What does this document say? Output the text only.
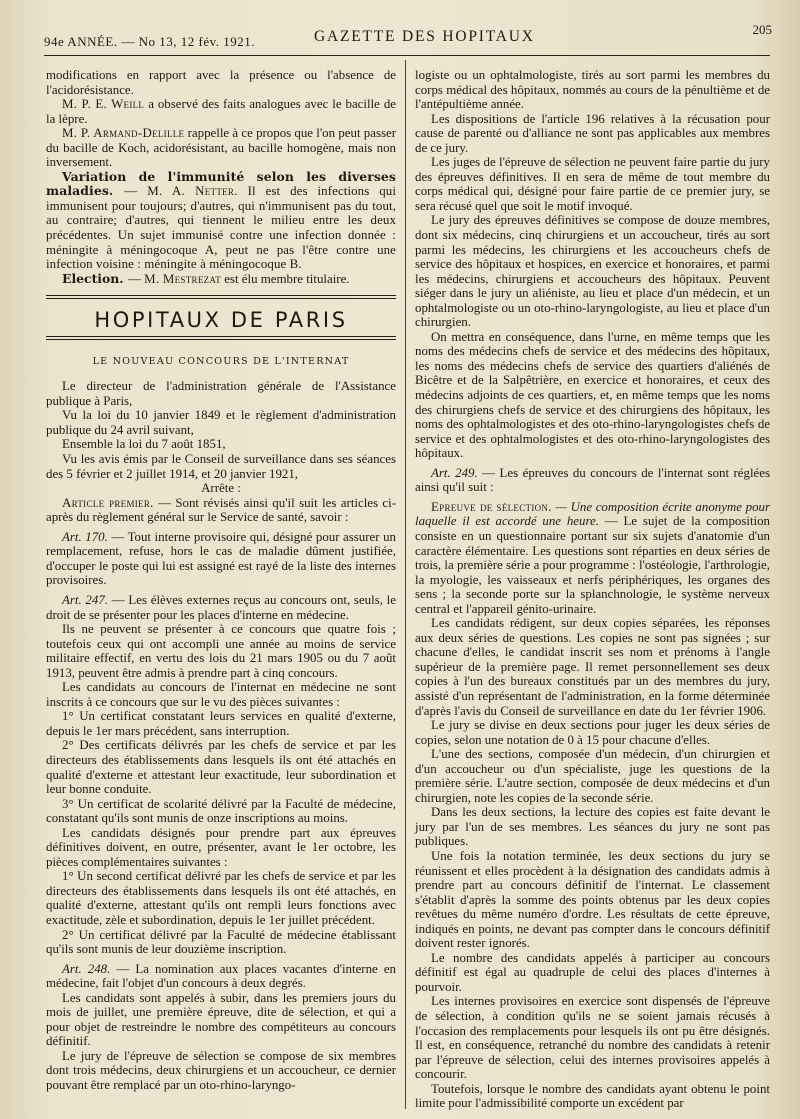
94e ANNÉE. — No 13, 12 fév. 1921.	GAZETTE DES HOPITAUX	205

modifications en rapport avec la présence ou l'absence de l'acidorésistance.

M. P. E. Weill a observé des faits analogues avec le bacille de la lèpre.

M. P. Armand-Delille rappelle à ce propos que l'on peut passer du bacille de Koch, acidorésistant, au bacille homogène, mais non inversement.

Variation de l'immunité selon les diverses maladies. — M. A. Netter. Il est des infections qui immunisent pour toujours; d'autres, qui n'immunisent pas du tout, au contraire; d'autres, qui tiennent le milieu entre les deux précédentes. Un sujet immunisé contre une infection donnée : méningite à méningocoque A, peut ne pas l'être contre une infection voisine : méningite à méningocoque B.

Election. — M. Mestrezat est élu membre titulaire.

HOPITAUX DE PARIS
LE NOUVEAU CONCOURS DE L'INTERNAT

Le directeur de l'administration générale de l'Assistance publique à Paris,

Vu la loi du 10 janvier 1849 et le règlement d'administration publique du 24 avril suivant,

Ensemble la loi du 7 août 1851,

Vu les avis émis par le Conseil de surveillance dans ses séances des 5 février et 2 juillet 1914, et 20 janvier 1921,

Arrête :

Article premier. — Sont révisés ainsi qu'il suit les articles ci-après du règlement général sur le Service de santé, savoir :

Art. 170. — Tout interne provisoire qui, désigné pour assurer un remplacement, refuse, hors le cas de maladie dûment justifiée, d'occuper le poste qui lui est assigné est rayé de la liste des internes provisoires.

Art. 247. — Les élèves externes reçus au concours ont, seuls, le droit de se présenter pour les places d'interne en médecine.

Ils ne peuvent se présenter à ce concours que quatre fois ; toutefois ceux qui ont accompli une année au moins de service militaire effectif, en vertu des lois du 21 mars 1905 ou du 7 août 1913, peuvent être admis à prendre part à cinq concours.

Les candidats au concours de l'internat en médecine ne sont inscrits à ce concours que sur le vu des pièces suivantes :

1° Un certificat constatant leurs services en qualité d'externe, depuis le 1er mars précédent, sans interruption.

2° Des certificats délivrés par les chefs de service et par les directeurs des établissements dans lesquels ils ont été attachés en qualité d'externe et attestant leur exactitude, leur subordination et leur bonne conduite.

3° Un certificat de scolarité délivré par la Faculté de médecine, constatant qu'ils sont munis de onze inscriptions au moins.

Les candidats désignés pour prendre part aux épreuves définitives doivent, en outre, présenter, avant le 1er octobre, les pièces complémentaires suivantes :

1° Un second certificat délivré par les chefs de service et par les directeurs des établissements dans lesquels ils ont été attachés, en qualité d'externe, attestant qu'ils ont rempli leurs fonctions avec exactitude, zèle et subordination, depuis le 1er juillet précédent.

2° Un certificat délivré par la Faculté de médecine établissant qu'ils sont munis de leur douzième inscription.

Art. 248. — La nomination aux places vacantes d'interne en médecine, fait l'objet d'un concours à deux degrés.

Les candidats sont appelés à subir, dans les premiers jours du mois de juillet, une première épreuve, dite de sélection, et qui a pour objet de restreindre le nombre des compétiteurs au concours définitif.

Le jury de l'épreuve de sélection se compose de six membres dont trois médecins, deux chirurgiens et un accoucheur, ce dernier pouvant être remplacé par un oto-rhino-laryngo-

logiste ou un ophtalmologiste, tirés au sort parmi les membres du corps médical des hôpitaux, nommés au cours de la pénultième et de l'antépultième année.

Les dispositions de l'article 196 relatives à la récusation pour cause de parenté ou d'alliance ne sont pas applicables aux membres de ce jury.

Les juges de l'épreuve de sélection ne peuvent faire partie du jury des épreuves définitives. Il en sera de même de tout membre du corps médical qui, désigné pour faire partie de ce premier jury, se sera récusé quel que soit le motif invoqué.

Le jury des épreuves définitives se compose de douze membres, dont six médecins, cinq chirurgiens et un accoucheur, tirés au sort parmi les médecins, les chirurgiens et les accoucheurs chefs de service des hôpitaux et hospices, en exercice et honoraires, et parmi les médecins, chirurgiens et accoucheurs des hôpitaux. Peuvent siéger dans le jury un aliéniste, au lieu et place d'un médecin, et un ophtalmologiste ou un oto-rhino-laryngologiste, au lieu et place d'un chirurgien.

On mettra en conséquence, dans l'urne, en même temps que les noms des médecins chefs de service et des médecins des hôpitaux, les noms des médecins chefs de service des quartiers d'aliénés de Bicêtre et de la Salpêtrière, en exercice et honoraires, et ceux des médecins adjoints de ces quartiers, et, en même temps que les noms des chirurgiens chefs de service et des chirurgiens des hôpitaux, les noms des ophtalmologistes et des oto-rhino-laryngologistes chefs de service et des ophtalmologistes et des oto-rhino-laryngologistes des hôpitaux.

Art. 249. — Les épreuves du concours de l'internat sont réglées ainsi qu'il suit :

Epreuve de sélection. — Une composition écrite anonyme pour laquelle il est accordé une heure. — Le sujet de la composition consiste en un questionnaire portant sur six sujets d'anatomie d'un caractère élémentaire. Les questions sont réparties en deux séries de trois, la première série a pour programme : l'ostéologie, l'arthrologie, la myologie, les vaisseaux et nerfs périphériques, les organes des sens ; la seconde porte sur la splanchnologie, le système nerveux central et l'appareil génito-urinaire.

Les candidats rédigent, sur deux copies séparées, les réponses aux deux séries de questions. Les copies ne sont pas signées ; sur chacune d'elles, le candidat inscrit ses nom et prénoms à l'angle supérieur de la première page. Il remet personnellement ses deux copies à l'un des bureaux constitués par un des membres du jury, assisté d'un représentant de l'administration, en la forme déterminée d'après l'avis du Conseil de surveillance en date du 1er février 1906.

Le jury se divise en deux sections pour juger les deux séries de copies, selon une notation de 0 à 15 pour chacune d'elles.

L'une des sections, composée d'un médecin, d'un chirurgien et d'un accoucheur ou d'un spécialiste, juge les questions de la première série. L'autre section, composée de deux médecins et d'un chirurgien, note les copies de la seconde série.

Dans les deux sections, la lecture des copies est faite devant le jury par l'un de ses membres. Les séances du jury ne sont pas publiques.

Une fois la notation terminée, les deux sections du jury se réunissent et elles procèdent à la désignation des candidats admis à prendre part au concours définitif de l'internat. Le classement s'établit d'après la somme des points obtenus par les deux copies revêtues du même numéro d'ordre. Les résultats de cette épreuve, indiqués en points, ne devant pas compter dans le concours définitif doivent rester ignorés.

Le nombre des candidats appelés à participer au concours définitif est égal au quadruple de celui des places d'internes à pourvoir.

Les internes provisoires en exercice sont dispensés de l'épreuve de sélection, à condition qu'ils ne se soient jamais récusés à l'occasion des remplacements pour lesquels ils ont pu être désignés. Il est, en conséquence, retranché du nombre des candidats à retenir par l'épreuve de sélection, celui des internes provisoires appelés à concourir.

Toutefois, lorsque le nombre des candidats ayant obtenu le point limite pour l'admissibilité comporte un excédent par
